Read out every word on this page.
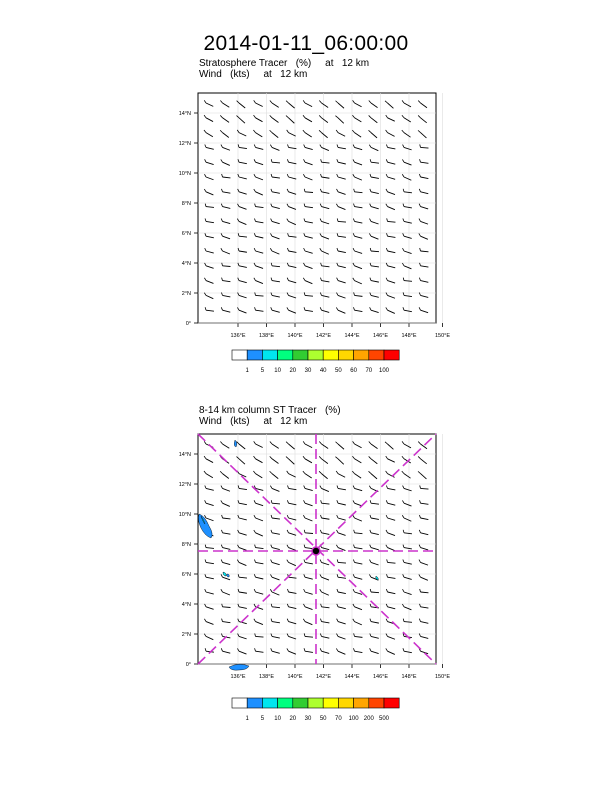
2014-01-11_06:00:00
Stratosphere Tracer   (%)     at   12 km
Wind   (kts)     at   12 km
136°E 138°E 140°E 142°E 144°E 146°E 148°E	150°E
14°N
12°N
10°N
8°N
6°N
4°N
2°N
0°
1 5 10 20 30 40 50 60 70 100
8-14 km column ST Tracer   (%)
Wind   (kts)     at   12 km
136°E 138°E 140°E 142°E 144°E 146°E 148°E	150°E
14°N
12°N
10°N
8°N
6°N
4°N
2°N
0°
1 5 10 20 30 50 70 100 200 500
